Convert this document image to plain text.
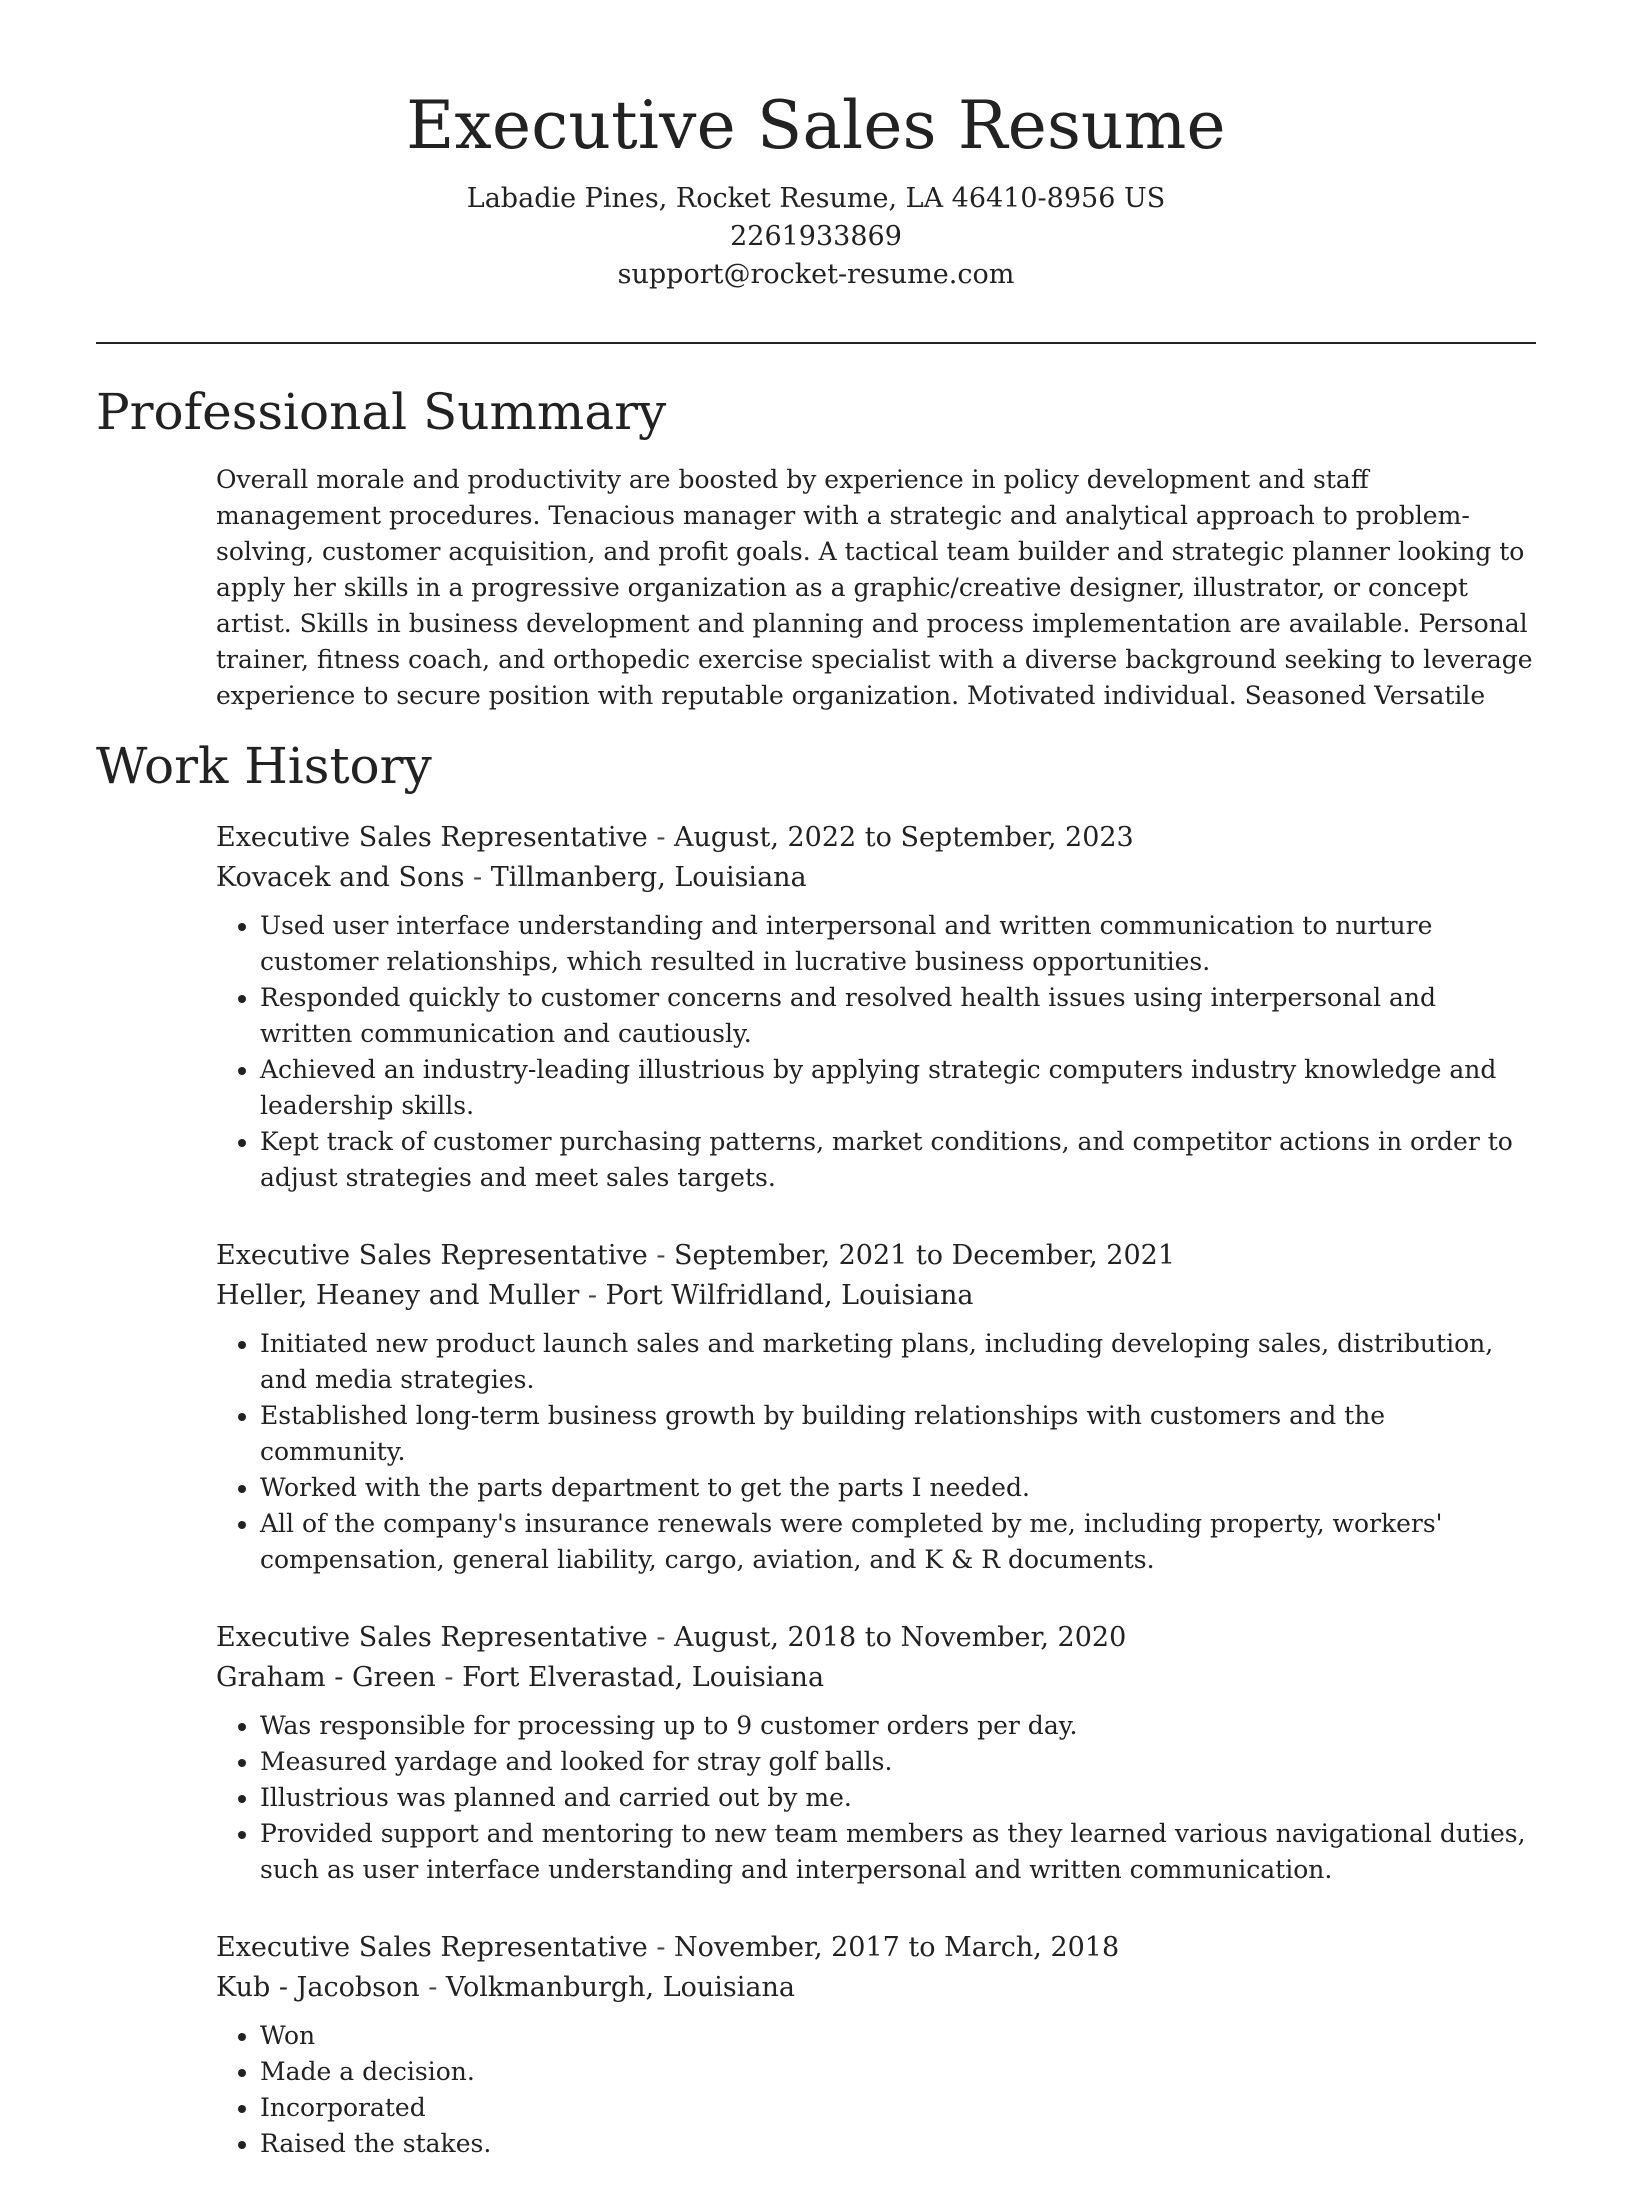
Executive Sales Resume
Labadie Pines, Rocket Resume, LA 46410-8956 US
2261933869
support@rocket-resume.com
Professional Summary

Overall morale and productivity are boosted by experience in policy development and staff management procedures. Tenacious manager with a strategic and analytical approach to problem-solving, customer acquisition, and profit goals. A tactical team builder and strategic planner looking to apply her skills in a progressive organization as a graphic/creative designer, illustrator, or concept artist. Skills in business development and planning and process implementation are available. Personal trainer, fitness coach, and orthopedic exercise specialist with a diverse background seeking to leverage experience to secure position with reputable organization. Motivated individual. Seasoned Versatile

Work History
Executive Sales Representative - August, 2022 to September, 2023
Kovacek and Sons - Tillmanberg, Louisiana
• Used user interface understanding and interpersonal and written communication to nurture customer relationships, which resulted in lucrative business opportunities.
• Responded quickly to customer concerns and resolved health issues using interpersonal and written communication and cautiously.
• Achieved an industry-leading illustrious by applying strategic computers industry knowledge and leadership skills.
• Kept track of customer purchasing patterns, market conditions, and competitor actions in order to adjust strategies and meet sales targets.
Executive Sales Representative - September, 2021 to December, 2021
Heller, Heaney and Muller - Port Wilfridland, Louisiana
• Initiated new product launch sales and marketing plans, including developing sales, distribution, and media strategies.
• Established long-term business growth by building relationships with customers and the community.
• Worked with the parts department to get the parts I needed.
• All of the company's insurance renewals were completed by me, including property, workers' compensation, general liability, cargo, aviation, and K & R documents.
Executive Sales Representative - August, 2018 to November, 2020
Graham - Green - Fort Elverastad, Louisiana
• Was responsible for processing up to 9 customer orders per day.
• Measured yardage and looked for stray golf balls.
• Illustrious was planned and carried out by me.
• Provided support and mentoring to new team members as they learned various navigational duties, such as user interface understanding and interpersonal and written communication.
Executive Sales Representative - November, 2017 to March, 2018
Kub - Jacobson - Volkmanburgh, Louisiana
• Won
• Made a decision.
• Incorporated
• Raised the stakes.
